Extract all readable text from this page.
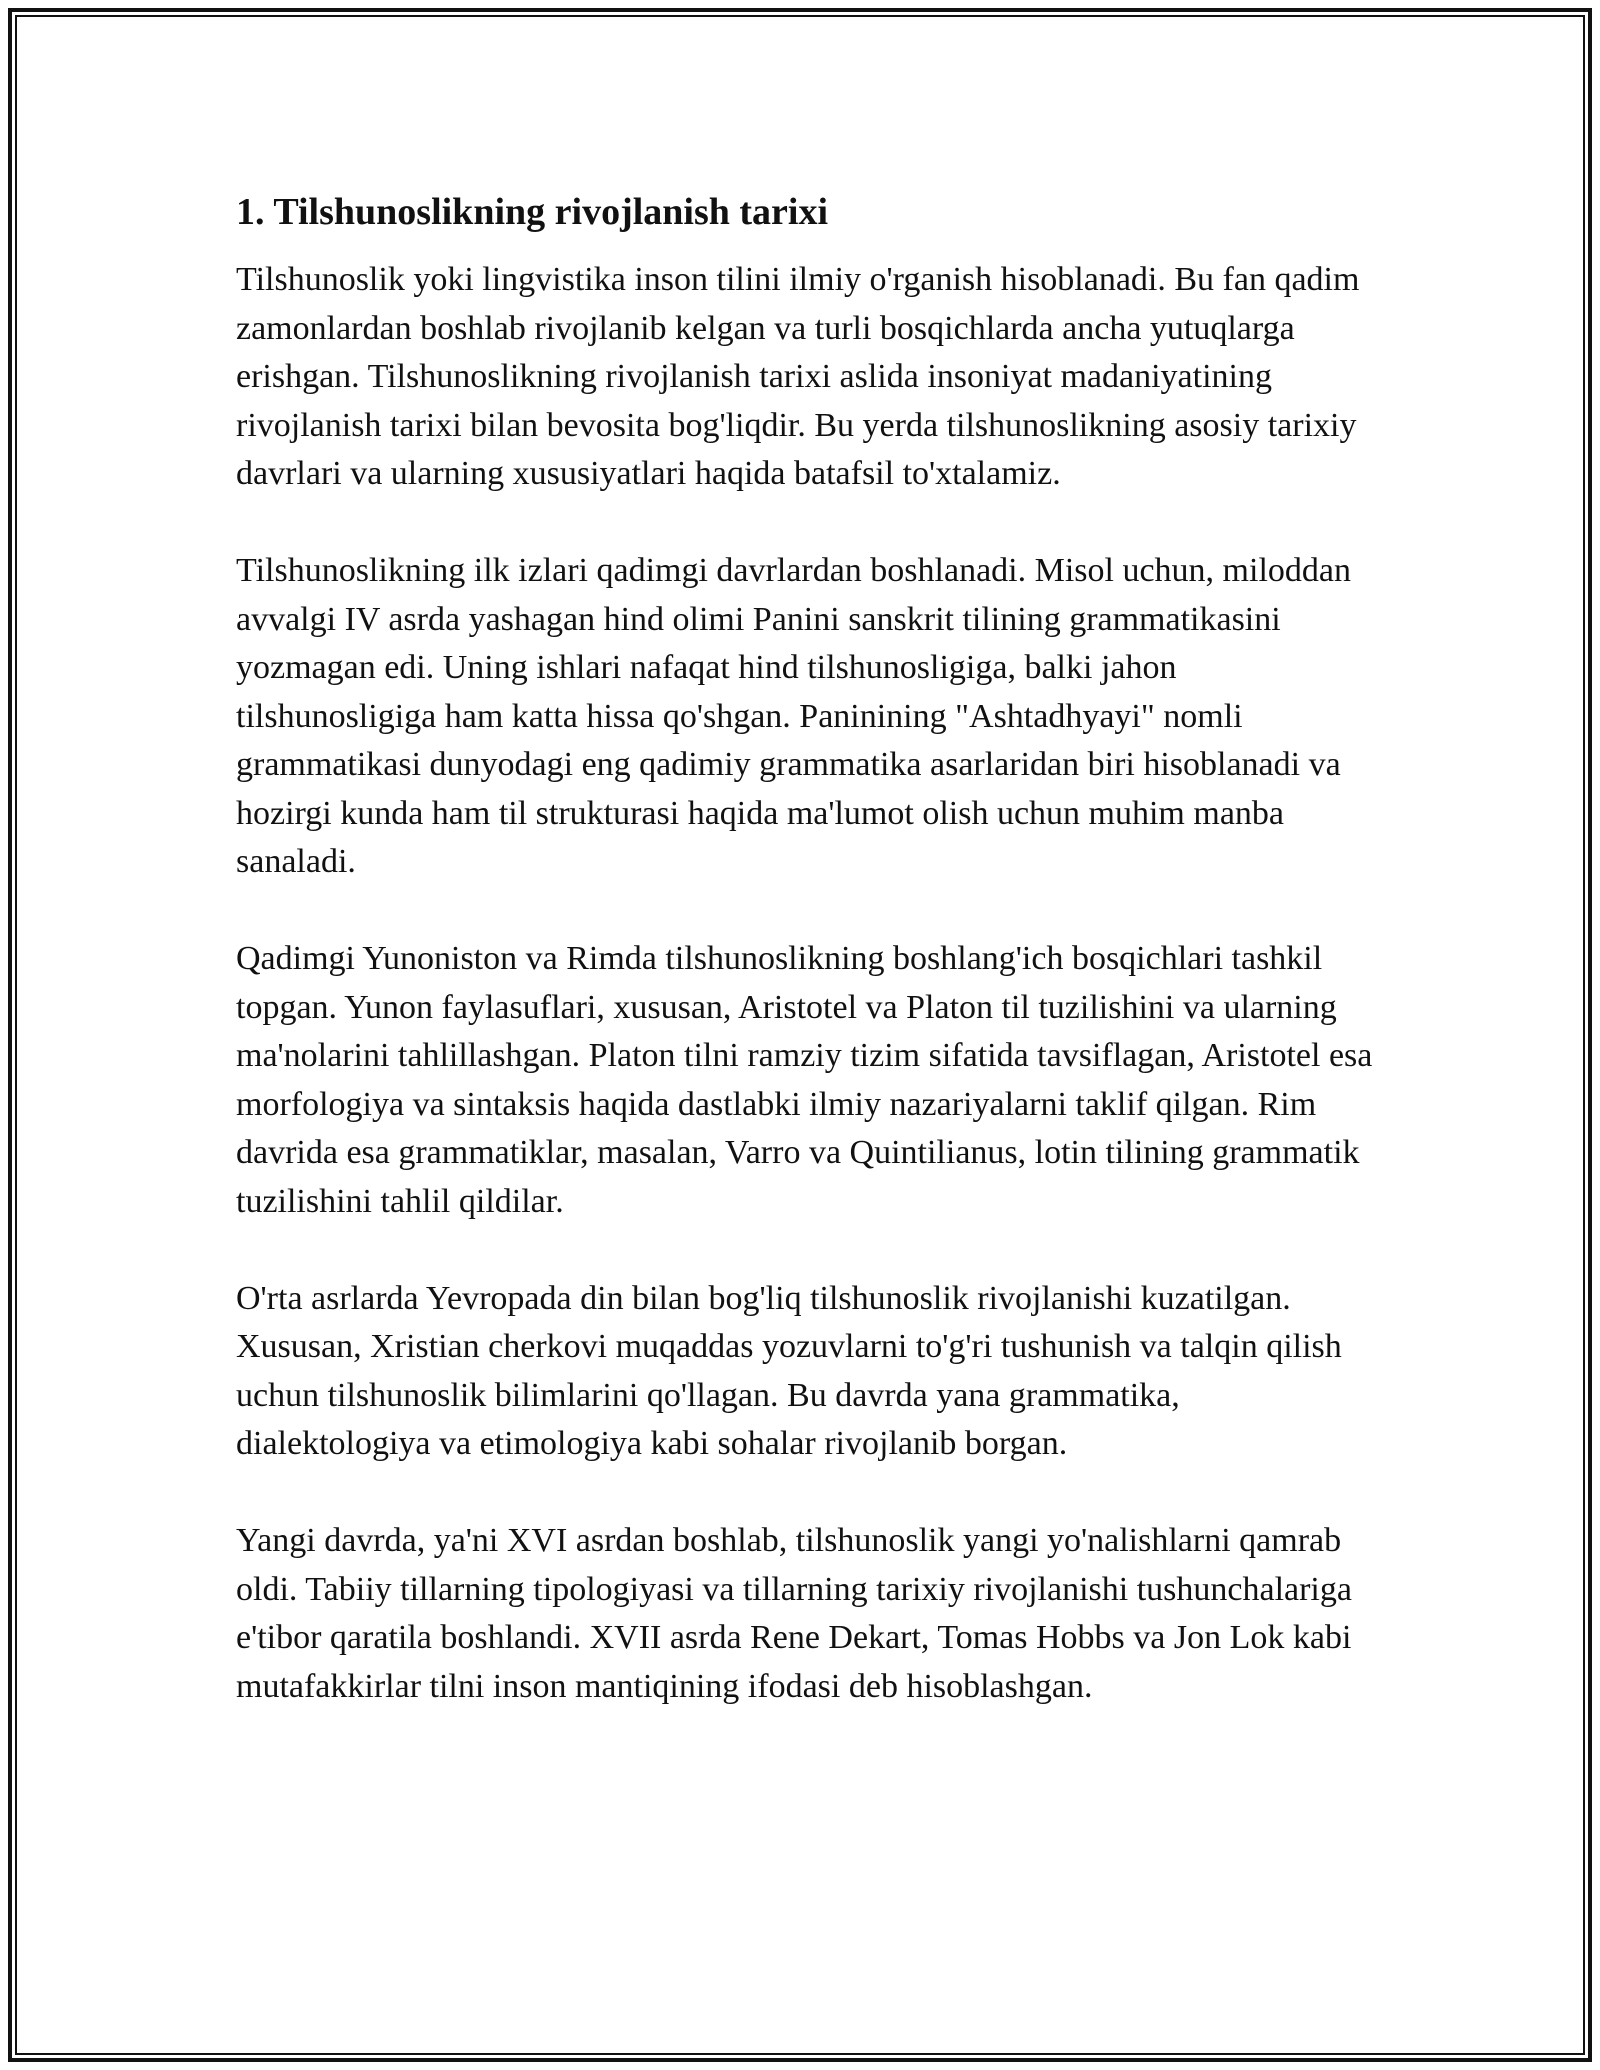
1. Tilshunoslikning rivojlanish tarixi

Tilshunoslik yoki lingvistika inson tilini ilmiy o'rganish hisoblanadi. Bu fan qadim zamonlardan boshlab rivojlanib kelgan va turli bosqichlarda ancha yutuqlarga erishgan. Tilshunoslikning rivojlanish tarixi aslida insoniyat madaniyatining rivojlanish tarixi bilan bevosita bog'liqdir. Bu yerda tilshunoslikning asosiy tarixiy davrlari va ularning xususiyatlari haqida batafsil to'xtalamiz.

Tilshunoslikning ilk izlari qadimgi davrlardan boshlanadi. Misol uchun, miloddan avvalgi IV asrda yashagan hind olimi Panini sanskrit tilining grammatikasini yozmagan edi. Uning ishlari nafaqat hind tilshunosligiga, balki jahon tilshunosligiga ham katta hissa qo'shgan. Paninining "Ashtadhyayi" nomli grammatikasi dunyodagi eng qadimiy grammatika asarlaridan biri hisoblanadi va hozirgi kunda ham til strukturasi haqida ma'lumot olish uchun muhim manba sanaladi.

Qadimgi Yunoniston va Rimda tilshunoslikning boshlang'ich bosqichlari tashkil topgan. Yunon faylasuflari, xususan, Aristotel va Platon til tuzilishini va ularning ma'nolarini tahlillashgan. Platon tilni ramziy tizim sifatida tavsiflagan, Aristotel esa morfologiya va sintaksis haqida dastlabki ilmiy nazariyalarni taklif qilgan. Rim davrida esa grammatiklar, masalan, Varro va Quintilianus, lotin tilining grammatik tuzilishini tahlil qildilar.

O'rta asrlarda Yevropada din bilan bog'liq tilshunoslik rivojlanishi kuzatilgan. Xususan, Xristian cherkovi muqaddas yozuvlarni to'g'ri tushunish va talqin qilish uchun tilshunoslik bilimlarini qo'llagan. Bu davrda yana grammatika, dialektologiya va etimologiya kabi sohalar rivojlanib borgan.

Yangi davrda, ya'ni XVI asrdan boshlab, tilshunoslik yangi yo'nalishlarni qamrab oldi. Tabiiy tillarning tipologiyasi va tillarning tarixiy rivojlanishi tushunchalariga e'tibor qaratila boshlandi. XVII asrda Rene Dekart, Tomas Hobbs va Jon Lok kabi mutafakkirlar tilni inson mantiqining ifodasi deb hisoblashgan.
